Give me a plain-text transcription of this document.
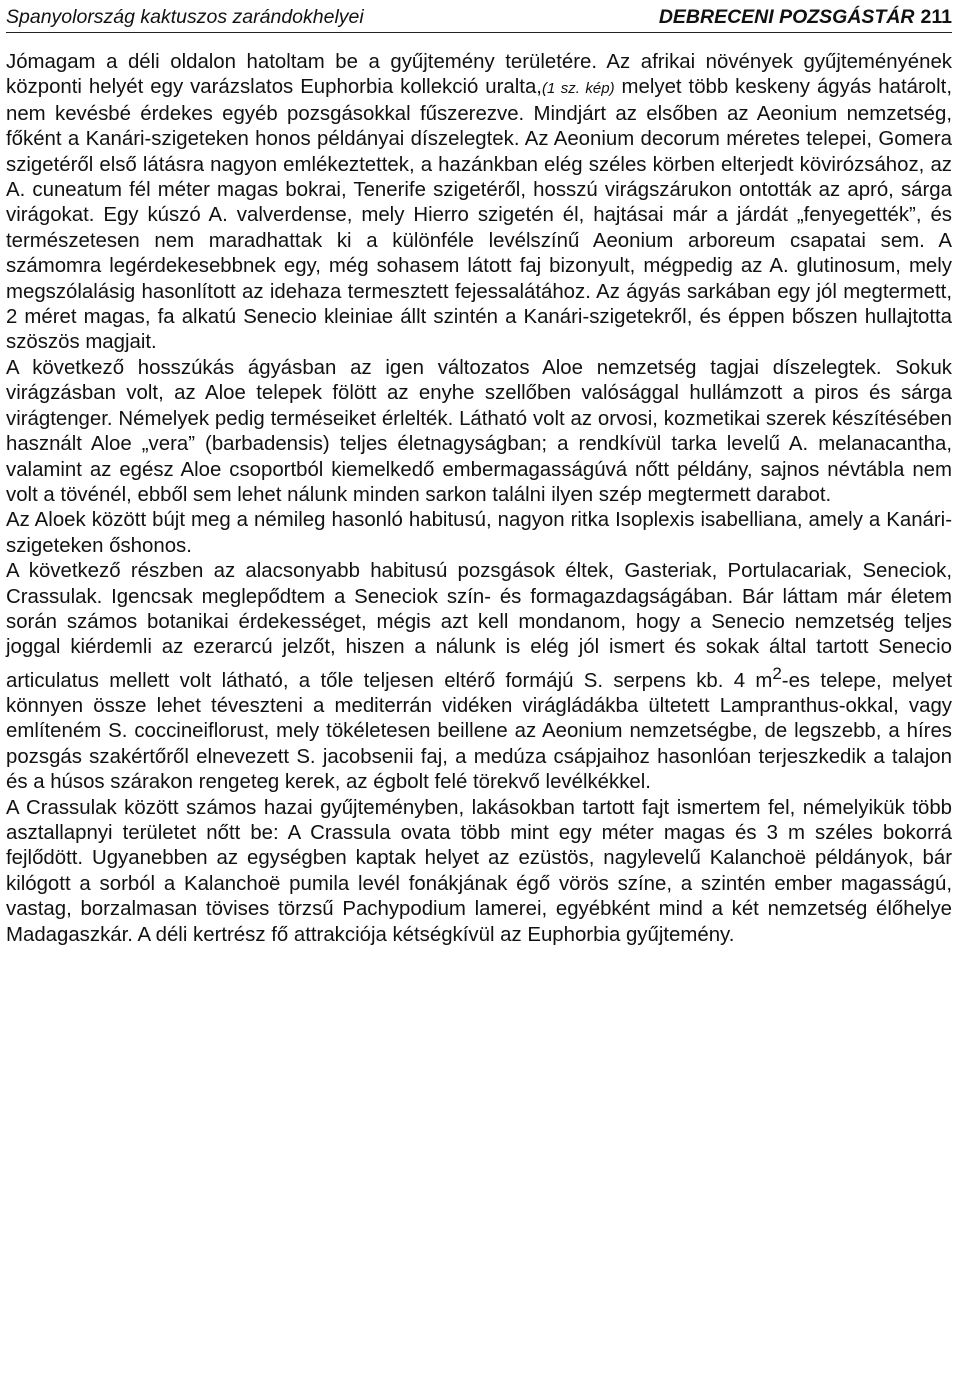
Spanyolország kaktuszos zarándokhelyei	DEBRECENI POZSGÁSTÁR 211

Jómagam a déli oldalon hatoltam be a gyűjtemény területére. Az afrikai növények gyűjteményének központi helyét egy varázslatos Euphorbia kollekció uralta,(1 sz. kép) melyet több keskeny ágyás határolt, nem kevésbé érdekes egyéb pozsgásokkal fűszerezve. Mindjárt az elsőben az Aeonium nemzetség, főként a Kanári-szigeteken honos példányai díszelegtek. Az Aeonium decorum méretes telepei, Gomera szigetéről első látásra nagyon emlékeztettek, a hazánkban elég széles körben elterjedt kövirózsához, az A. cuneatum fél méter magas bokrai, Tenerife szigetéről, hosszú virágszárukon ontották az apró, sárga virágokat. Egy kúszó A. valverdense, mely Hierro szigetén él, hajtásai már a járdát „fenyegették”, és természetesen nem maradhattak ki a különféle levélszínű Aeonium arboreum csapatai sem. A számomra legérdekesebbnek egy, még sohasem látott faj bizonyult, mégpedig az A. glutinosum, mely megszólalásig hasonlított az idehaza termesztett fejessalátához. Az ágyás sarkában egy jól megtermett, 2 méret magas, fa alkatú Senecio kleiniae állt szintén a Kanári-szigetekről, és éppen bőszen hullajtotta szöszös magjait.

A következő hosszúkás ágyásban az igen változatos Aloe nemzetség tagjai díszelegtek. Sokuk virágzásban volt, az Aloe telepek fölött az enyhe szellőben valósággal hullámzott a piros és sárga virágtenger. Némelyek pedig terméseiket érlelték. Látható volt az orvosi, kozmetikai szerek készítésében használt Aloe „vera” (barbadensis) teljes életnagyságban; a rendkívül tarka levelű A. melanacantha, valamint az egész Aloe csoportból kiemelkedő embermagasságúvá nőtt példány, sajnos névtábla nem volt a tövénél, ebből sem lehet nálunk minden sarkon találni ilyen szép megtermett darabot.

Az Aloek között bújt meg a némileg hasonló habitusú, nagyon ritka Isoplexis isabelliana, amely a Kanári-szigeteken őshonos.

A következő részben az alacsonyabb habitusú pozsgások éltek, Gasteriak, Portulacariak, Seneciok, Crassulak. Igencsak meglepődtem a Seneciok szín- és formagazdagságában. Bár láttam már életem során számos botanikai érdekességet, mégis azt kell mondanom, hogy a Senecio nemzetség teljes joggal kiérdemli az ezerarcú jelzőt, hiszen a nálunk is elég jól ismert és sokak által tartott Senecio articulatus mellett volt látható, a tőle teljesen eltérő formájú S. serpens kb. 4 $m^2-es$ telepe, melyet könnyen össze lehet téveszteni a mediterrán vidéken virágládákba ültetett Lampranthus-okkal, vagy említeném S. coccineiflorust, mely tökéletesen beillene az Aeonium nemzetségbe, de legszebb, a híres pozsgás szakértőről elnevezett S. jacobsenii faj, a medúza csápjaihoz hasonlóan terjeszkedik a talajon és a húsos szárakon rengeteg kerek, az égbolt felé törekvő levélkékkel.

A Crassulak között számos hazai gyűjteményben, lakásokban tartott fajt ismertem fel, némelyikük több asztallapnyi területet nőtt be: A Crassula ovata több mint egy méter magas és 3 m széles bokorrá fejlődött. Ugyanebben az egységben kaptak helyet az ezüstös, nagylevelű Kalanchoë példányok, bár kilógott a sorból a Kalanchoë pumila levél fonákjának égő vörös színe, a szintén ember magasságú, vastag, borzalmasan tövises törzsű Pachypodium lamerei, egyébként mind a két nemzetség élőhelye Madagaszkár. A déli kertrész fő attrakciója kétségkívül az Euphorbia gyűjtemény.
